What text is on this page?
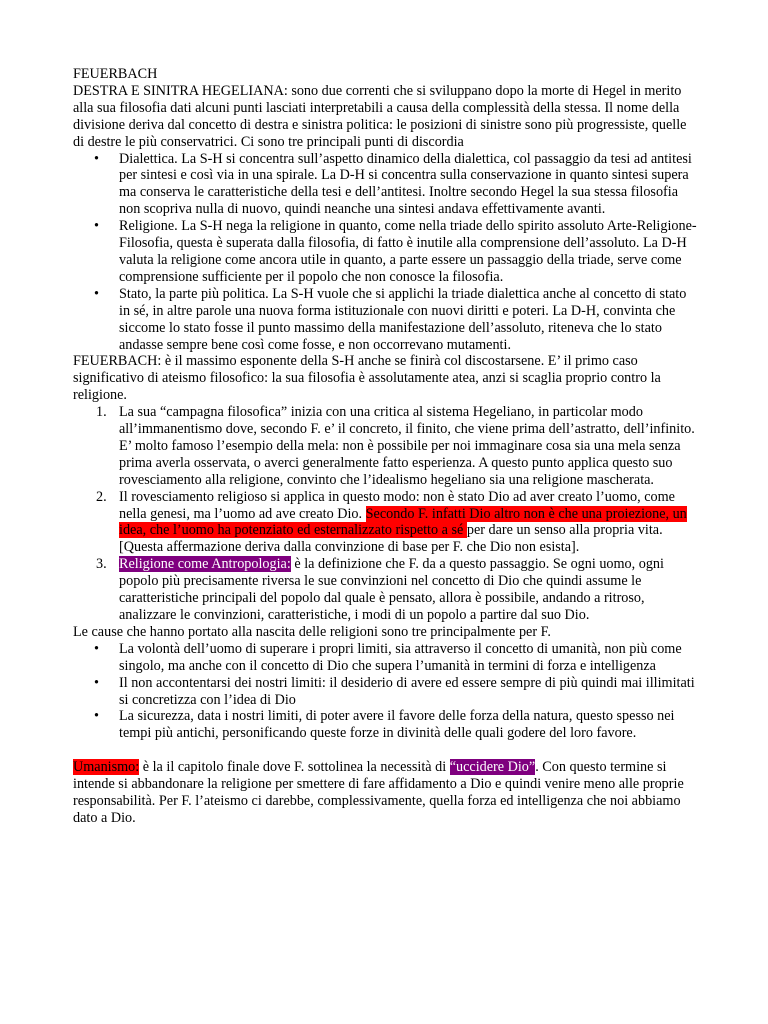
FEUERBACH

DESTRA E SINITRA HEGELIANA: sono due correnti che si sviluppano dopo la morte di Hegel in merito alla sua filosofia dati alcuni punti lasciati interpretabili a causa della complessità della stessa. Il nome della divisione deriva dal concetto di destra e sinistra politica: le posizioni di sinistre sono più progressiste, quelle di destre le più conservatrici. Ci sono tre principali punti di discordia

• Dialettica. La S-H si concentra sull’aspetto dinamico della dialettica, col passaggio da tesi ad antitesi per sintesi e così via in una spirale. La D-H si concentra sulla conservazione in quanto sintesi supera ma conserva le caratteristiche della tesi e dell’antitesi. Inoltre secondo Hegel la sua stessa filosofia non scopriva nulla di nuovo, quindi neanche una sintesi andava effettivamente avanti.
• Religione. La S-H nega la religione in quanto, come nella triade dello spirito assoluto Arte-Religione-Filosofia, questa è superata dalla filosofia, di fatto è inutile alla comprensione dell’assoluto. La D-H valuta la religione come ancora utile in quanto, a parte essere un passaggio della triade, serve come comprensione sufficiente per il popolo che non conosce la filosofia.
• Stato, la parte più politica. La S-H vuole che si applichi la triade dialettica anche al concetto di stato in sé, in altre parole una nuova forma istituzionale con nuovi diritti e poteri. La D-H, convinta che siccome lo stato fosse il punto massimo della manifestazione dell’assoluto, riteneva che lo stato andasse sempre bene così come fosse, e non occorrevano mutamenti.

FEUERBACH: è il massimo esponente della S-H anche se finirà col discostarsene. E’ il primo caso significativo di ateismo filosofico: la sua filosofia è assolutamente atea, anzi si scaglia proprio contro la religione.

1. La sua “campagna filosofica” inizia con una critica al sistema Hegeliano, in particolar modo all’immanentismo dove, secondo F. e’ il concreto, il finito, che viene prima dell’astratto, dell’infinito. E’ molto famoso l’esempio della mela: non è possibile per noi immaginare cosa sia una mela senza prima averla osservata, o averci generalmente fatto esperienza. A questo punto applica questo suo rovesciamento alla religione, convinto che l’idealismo hegeliano sia una religione mascherata.
2. Il rovesciamento religioso si applica in questo modo: non è stato Dio ad aver creato l’uomo, come nella genesi, ma l’uomo ad ave creato Dio. Secondo F. infatti Dio altro non è che una proiezione, un idea, che l’uomo ha potenziato ed esternalizzato rispetto a sé per dare un senso alla propria vita. [Questa affermazione deriva dalla convinzione di base per F. che Dio non esista].
3. Religione come Antropologia: è la definizione che F. da a questo passaggio. Se ogni uomo, ogni popolo più precisamente riversa le sue convinzioni nel concetto di Dio che quindi assume le caratteristiche principali del popolo dal quale è pensato, allora è possibile, andando a ritroso, analizzare le convinzioni, caratteristiche, i modi di un popolo a partire dal suo Dio.

Le cause che hanno portato alla nascita delle religioni sono tre principalmente per F.

• La volontà dell’uomo di superare i propri limiti, sia attraverso il concetto di umanità, non più come singolo, ma anche con il concetto di Dio che supera l’umanità in termini di forza e intelligenza
• Il non accontentarsi dei nostri limiti: il desiderio di avere ed essere sempre di più quindi mai illimitati si concretizza con l’idea di Dio
• La sicurezza, data i nostri limiti, di poter avere il favore delle forza della natura, questo spesso nei tempi più antichi, personificando queste forze in divinità delle quali godere del loro favore.

Umanismo: è la il capitolo finale dove F. sottolinea la necessità di “uccidere Dio”. Con questo termine si intende si abbandonare la religione per smettere di fare affidamento a Dio e quindi venire meno alle proprie responsabilità. Per F. l’ateismo ci darebbe, complessivamente, quella forza ed intelligenza che noi abbiamo dato a Dio.
